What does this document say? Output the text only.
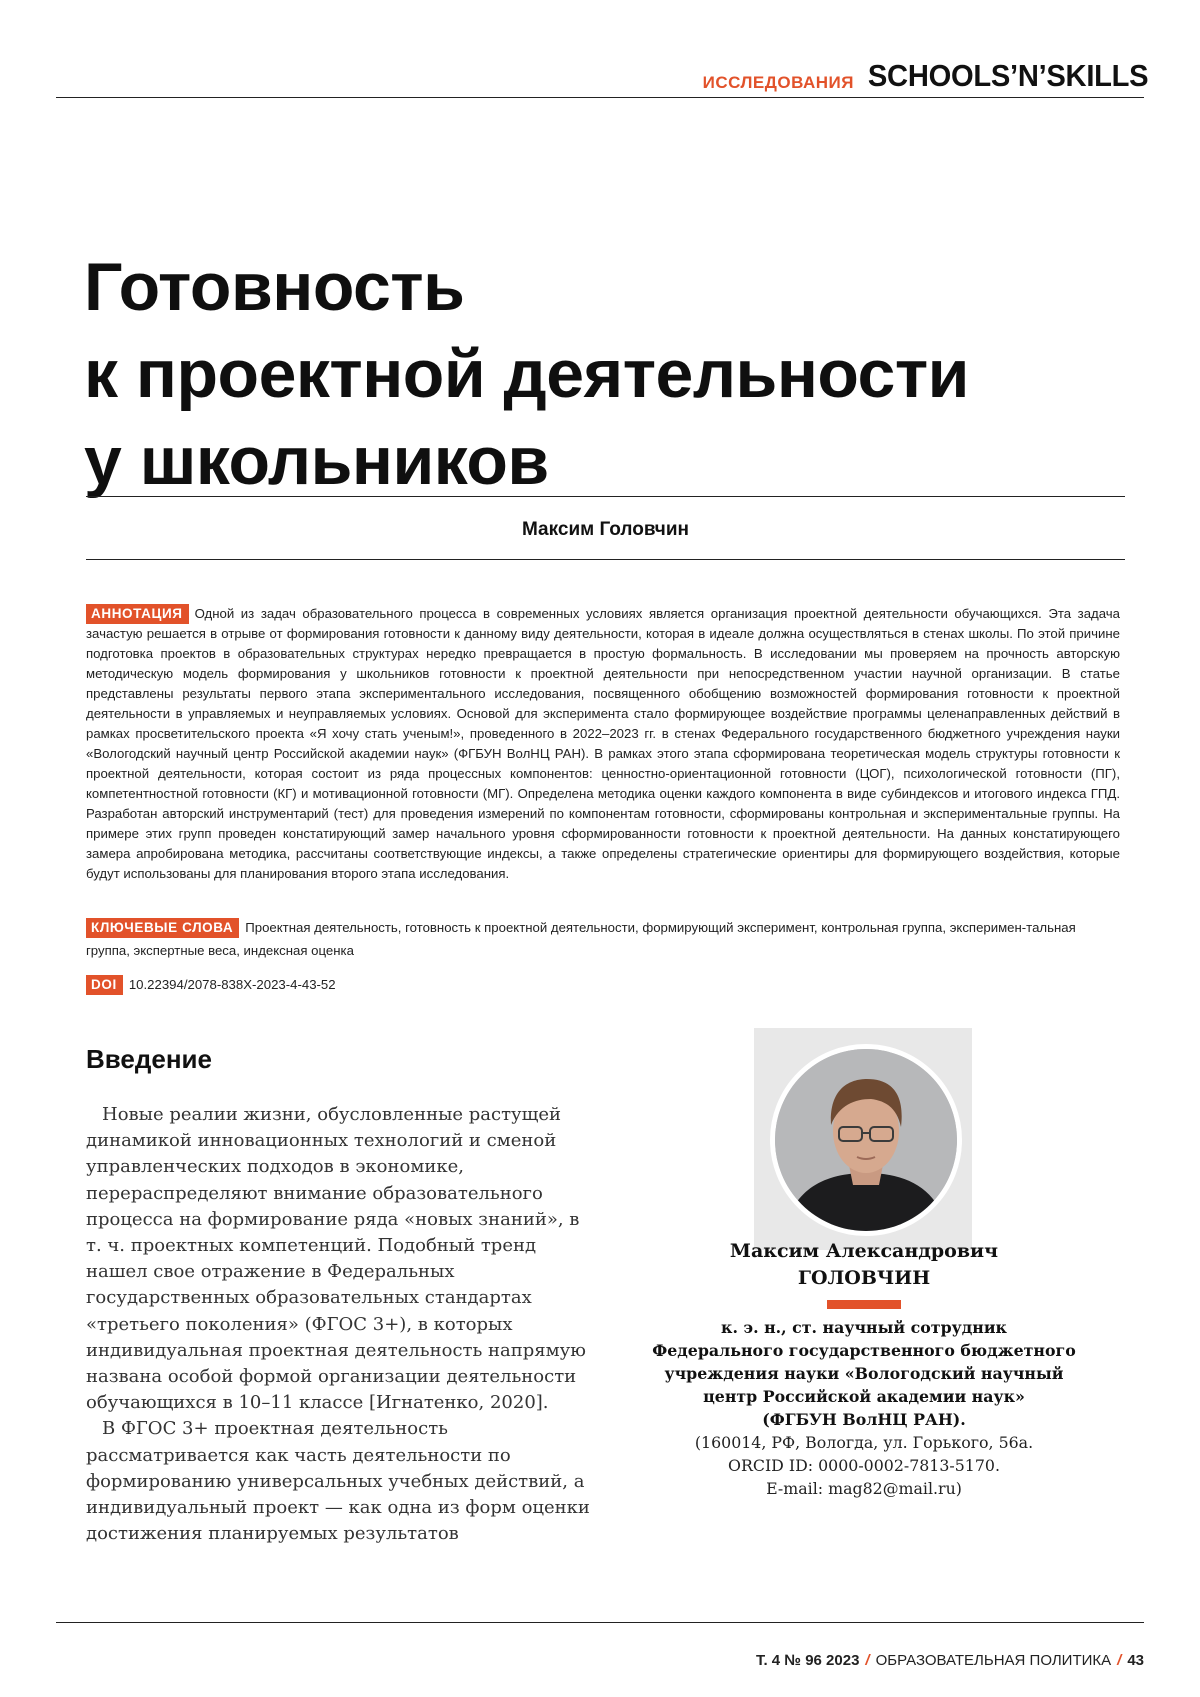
ИССЛЕДОВАНИЯ SCHOOLS’N’SKILLS
Готовность
к проектной деятельности
у школьников
Максим Головчин

АННОТАЦИЯ Одной из задач образовательного процесса в современных условиях является организация проектной деятельности обучающихся. Эта задача зачастую решается в отрыве от формирования готовности к данному виду деятельности, которая в идеале должна осуществляться в стенах школы. По этой причине подготовка проектов в образовательных структурах нередко превращается в простую формальность. В исследовании мы проверяем на прочность авторскую методическую модель формирования у школьников готовности к проектной деятельности при непосредственном участии научной организации. В статье представлены результаты первого этапа экспериментального исследования, посвященного обобщению возможностей формирования готовности к проектной деятельности в управляемых и неуправляемых условиях. Основой для эксперимента стало формирующее воздействие программы целенаправленных действий в рамках просветительского проекта «Я хочу стать ученым!», проведенного в 2022–2023 гг. в стенах Федерального государственного бюджетного учреждения науки «Вологодский научный центр Российской академии наук» (ФГБУН ВолНЦ РАН). В рамках этого этапа сформирована теоретическая модель структуры готовности к проектной деятельности, которая состоит из ряда процессных компонентов: ценностно-ориентационной готовности (ЦОГ), психологической готовности (ПГ), компетентностной готовности (КГ) и мотивационной готовности (МГ). Определена методика оценки каждого компонента в виде субиндексов и итогового индекса ГПД. Разработан авторский инструментарий (тест) для проведения измерений по компонентам готовности, сформированы контрольная и экспериментальные группы. На примере этих групп проведен констатирующий замер начального уровня сформированности готовности к проектной деятельности. На данных констатирующего замера апробирована методика, рассчитаны соответствующие индексы, а также определены стратегические ориентиры для формирующего воздействия, которые будут использованы для планирования второго этапа исследования.

КЛЮЧЕВЫЕ СЛОВА Проектная деятельность, готовность к проектной деятельности, формирующий эксперимент, контрольная группа, эксперимен-тальная группа, экспертные веса, индексная оценка

DOI 10.22394/2078-838X-2023-4-43-52
Введение

Новые реалии жизни, обусловленные растущей динамикой инновационных технологий и сменой управленческих подходов в экономике, перераспределяют внимание образовательного процесса на формирование ряда «новых знаний», в т. ч. проектных компетенций. Подобный тренд нашел свое отражение в Федеральных государственных образовательных стандартах «третьего поколения» (ФГОС 3+), в которых индивидуальная проектная деятельность напрямую названа особой формой организации деятельности обучающихся в 10–11 классе [Игнатенко, 2020].

В ФГОС 3+ проектная деятельность рассматривается как часть деятельности по формированию универсальных учебных действий, а индивидуальный проект — как одна из форм оценки достижения планируемых результатов

Максим Александрович
ГОЛОВЧИН
к. э. н., ст. научный сотрудник
Федерального государственного бюджетного
учреждения науки «Вологодский научный
центр Российской академии наук»
(ФГБУН ВолНЦ РАН).
(160014, РФ, Вологда, ул. Горького, 56а.
ORCID ID: 0000-0002-7813-5170.
E-mail: mag82@mail.ru)
Т. 4 № 96 2023 / ОБРАЗОВАТЕЛЬНАЯ ПОЛИТИКА / 43
